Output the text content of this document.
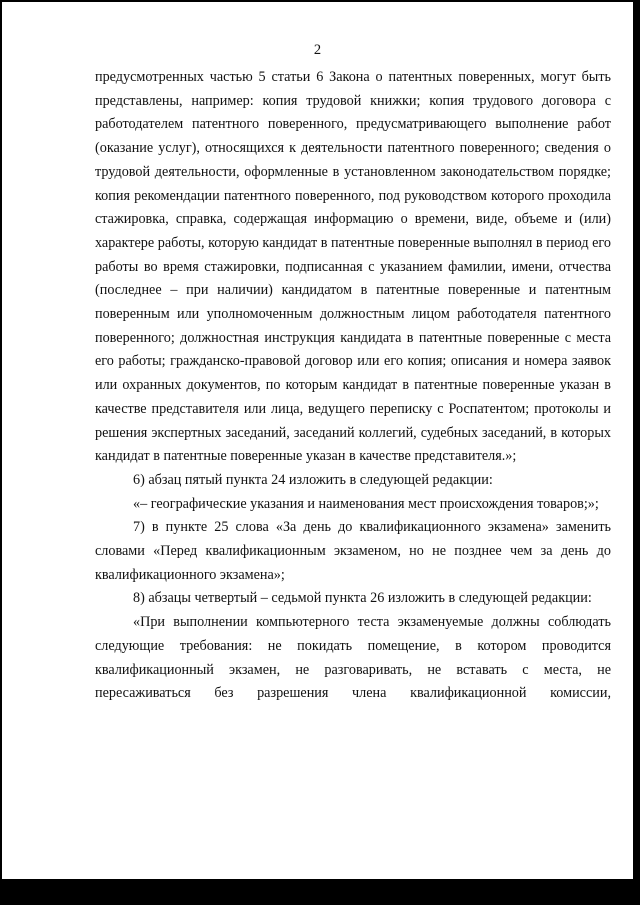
2

предусмотренных частью 5 статьи 6 Закона о патентных поверенных, могут быть представлены, например: копия трудовой книжки; копия трудового договора с работодателем патентного поверенного, предусматривающего выполнение работ (оказание услуг), относящихся к деятельности патентного поверенного; сведения о трудовой деятельности, оформленные в установленном законодательством порядке; копия рекомендации патентного поверенного, под руководством которого проходила стажировка, справка, содержащая информацию о времени, виде, объеме и (или) характере работы, которую кандидат в патентные поверенные выполнял в период его работы во время стажировки, подписанная с указанием фамилии, имени, отчества (последнее – при наличии) кандидатом в патентные поверенные и патентным поверенным или уполномоченным должностным лицом работодателя патентного поверенного; должностная инструкция кандидата в патентные поверенные с места его работы; гражданско-правовой договор или его копия; описания и номера заявок или охранных документов, по которым кандидат в патентные поверенные указан в качестве представителя или лица, ведущего переписку с Роспатентом; протоколы и решения экспертных заседаний, заседаний коллегий, судебных заседаний, в которых кандидат в патентные поверенные указан в качестве представителя.»;

6) абзац пятый пункта 24 изложить в следующей редакции:

«– географические указания и наименования мест происхождения товаров;»;

7) в пункте 25 слова «За день до квалификационного экзамена» заменить словами «Перед квалификационным экзаменом, но не позднее чем за день до квалификационного экзамена»;

8) абзацы четвертый – седьмой пункта 26 изложить в следующей редакции:

«При выполнении компьютерного теста экзаменуемые должны соблюдать следующие требования: не покидать помещение, в котором проводится квалификационный экзамен, не разговаривать, не вставать с места, не пересаживаться без разрешения члена квалификационной комиссии,
